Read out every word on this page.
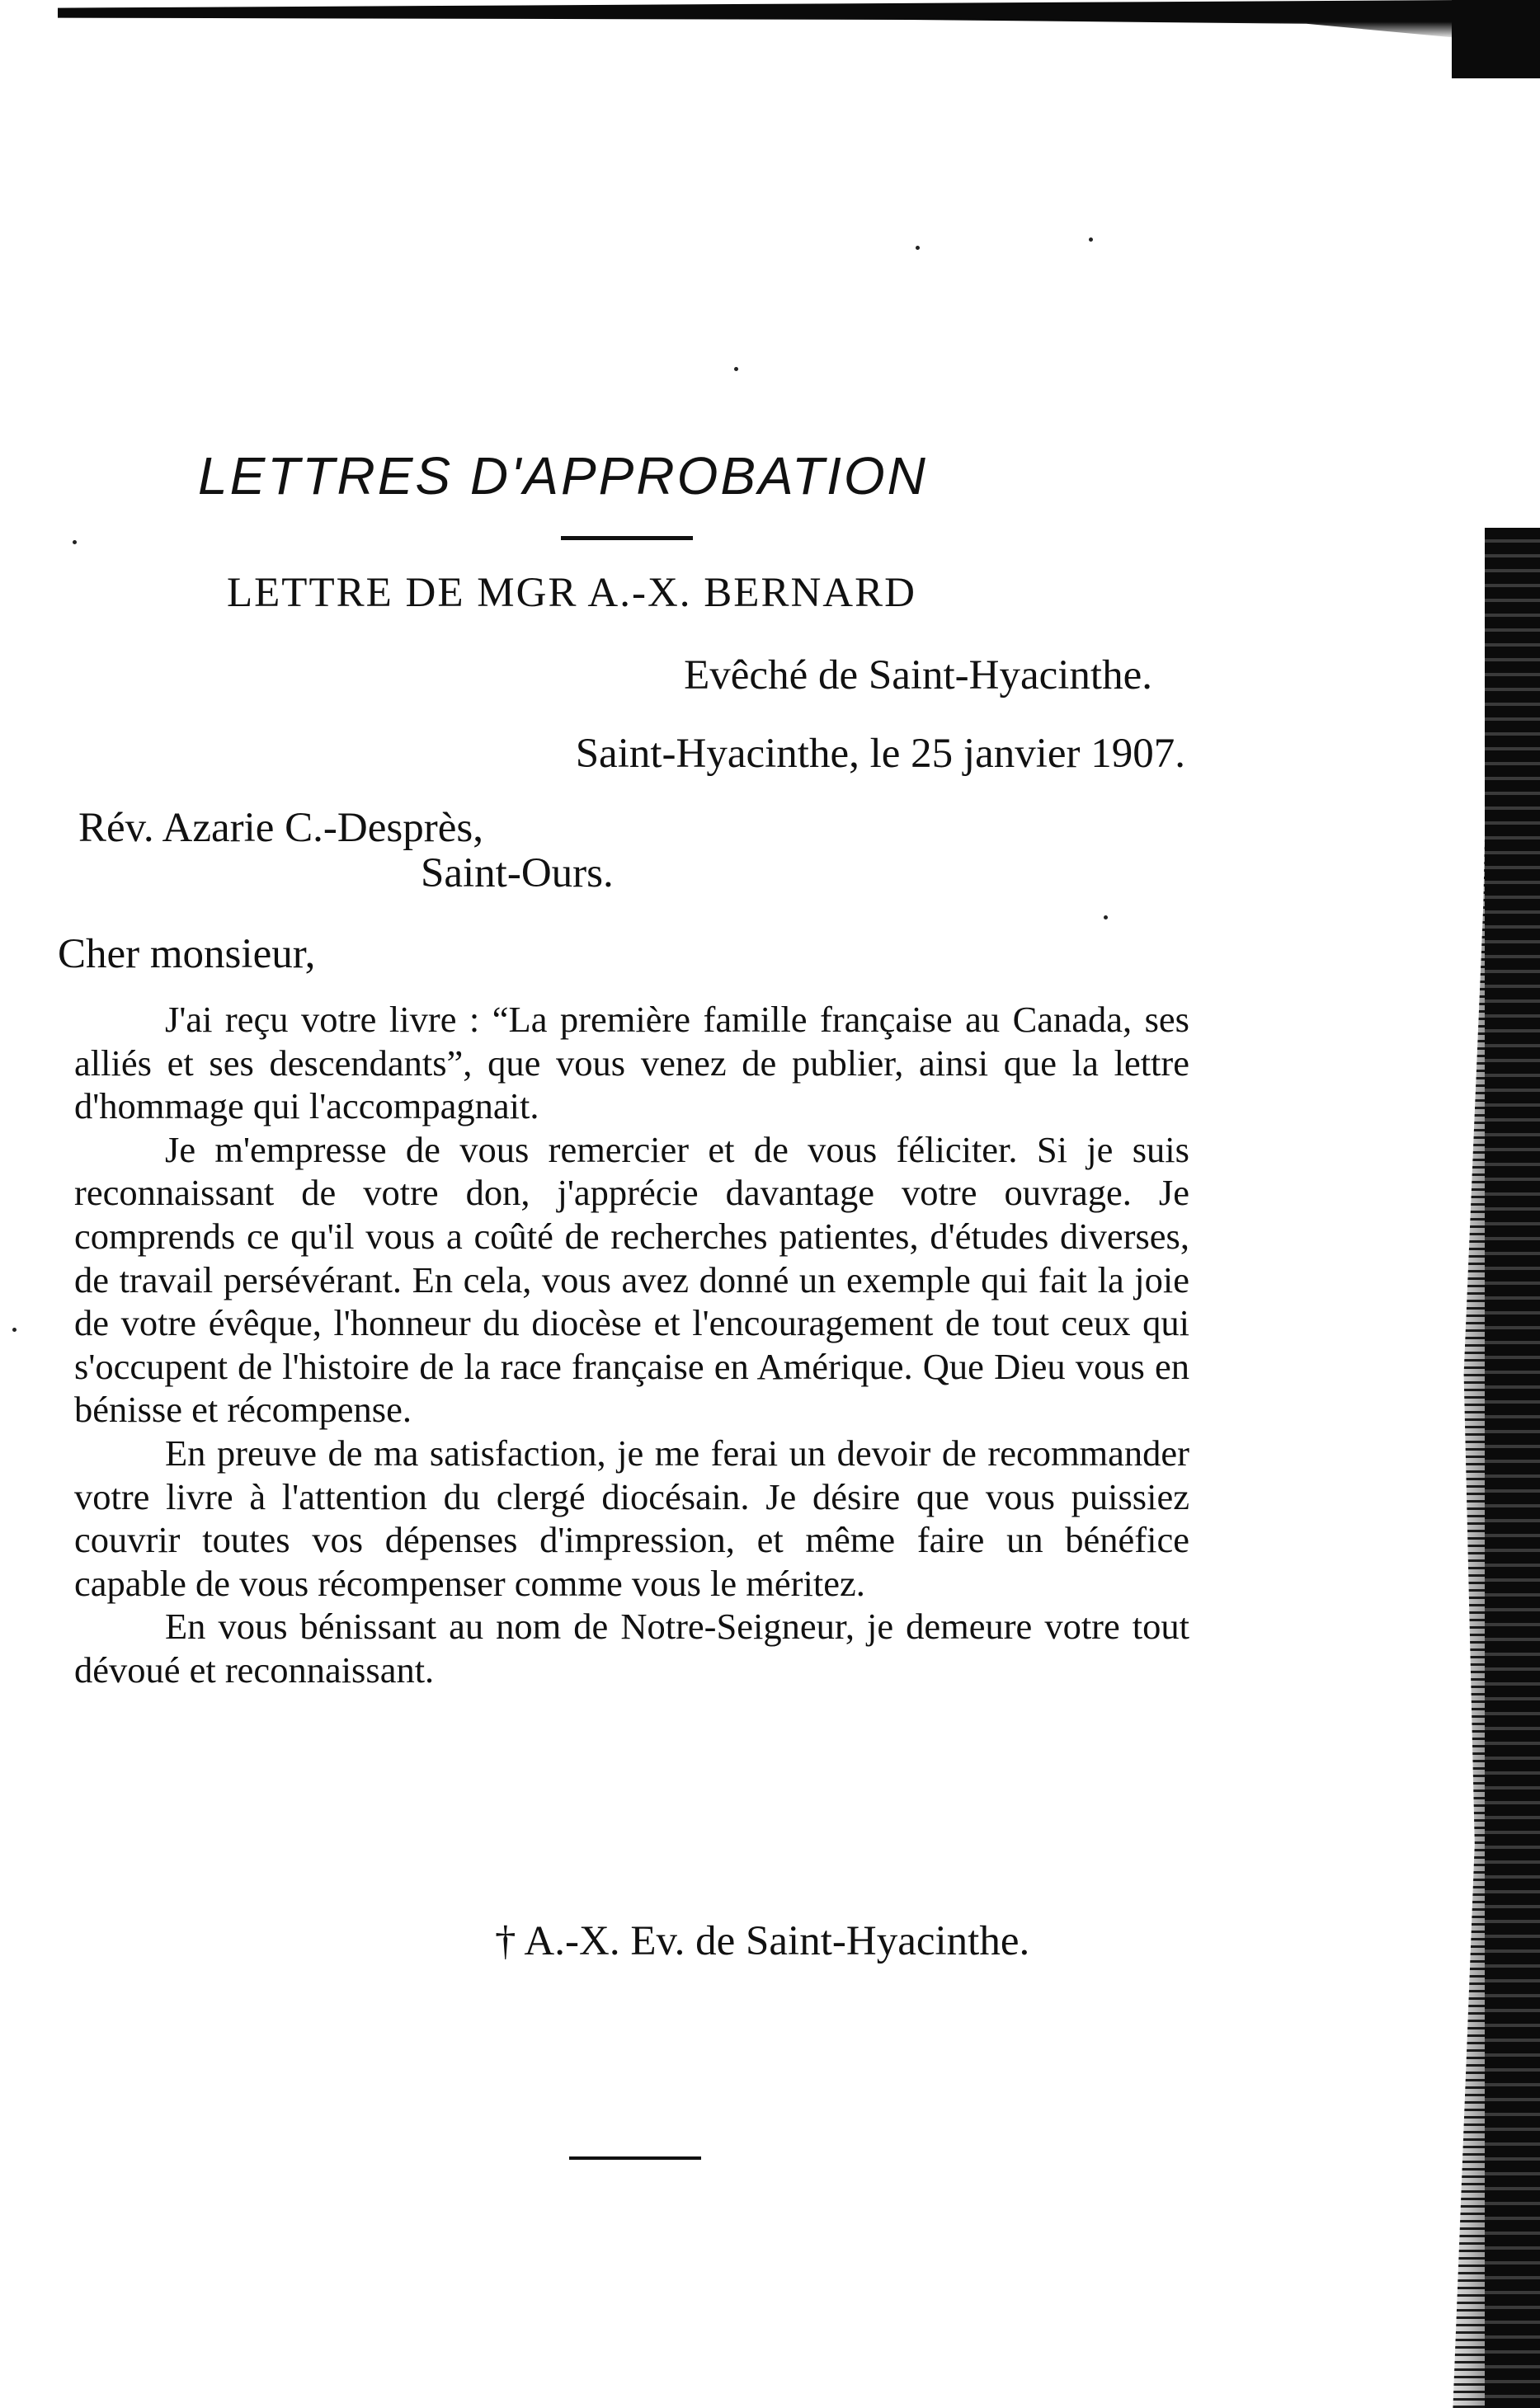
LETTRES D'APPROBATION
LETTRE DE MGR A.-X. BERNARD
Evêché de Saint-Hyacinthe.
Saint-Hyacinthe, le 25 janvier 1907.
Rév. Azarie C.-Desprès,
Saint-Ours.
Cher monsieur,

J'ai reçu votre livre : “La première famille française au Canada, ses alliés et ses descendants”, que vous venez de publier, ainsi que la lettre d'hommage qui l'accompagnait.

Je m'empresse de vous remercier et de vous féliciter. Si je suis reconnaissant de votre don, j'apprécie davantage votre ouvrage. Je comprends ce qu'il vous a coûté de recherches patientes, d'études diverses, de travail persévérant. En cela, vous avez donné un exemple qui fait la joie de votre évêque, l'honneur du diocèse et l'encouragement de tout ceux qui s'occupent de l'histoire de la race française en Amérique. Que Dieu vous en bénisse et récompense.

En preuve de ma satisfaction, je me ferai un devoir de recommander votre livre à l'attention du clergé diocésain. Je désire que vous puissiez couvrir toutes vos dépenses d'impression, et même faire un bénéfice capable de vous récompenser comme vous le méritez.

En vous bénissant au nom de Notre-Seigneur, je demeure votre tout dévoué et reconnaissant.

† A.-X. Ev. de Saint-Hyacinthe.
